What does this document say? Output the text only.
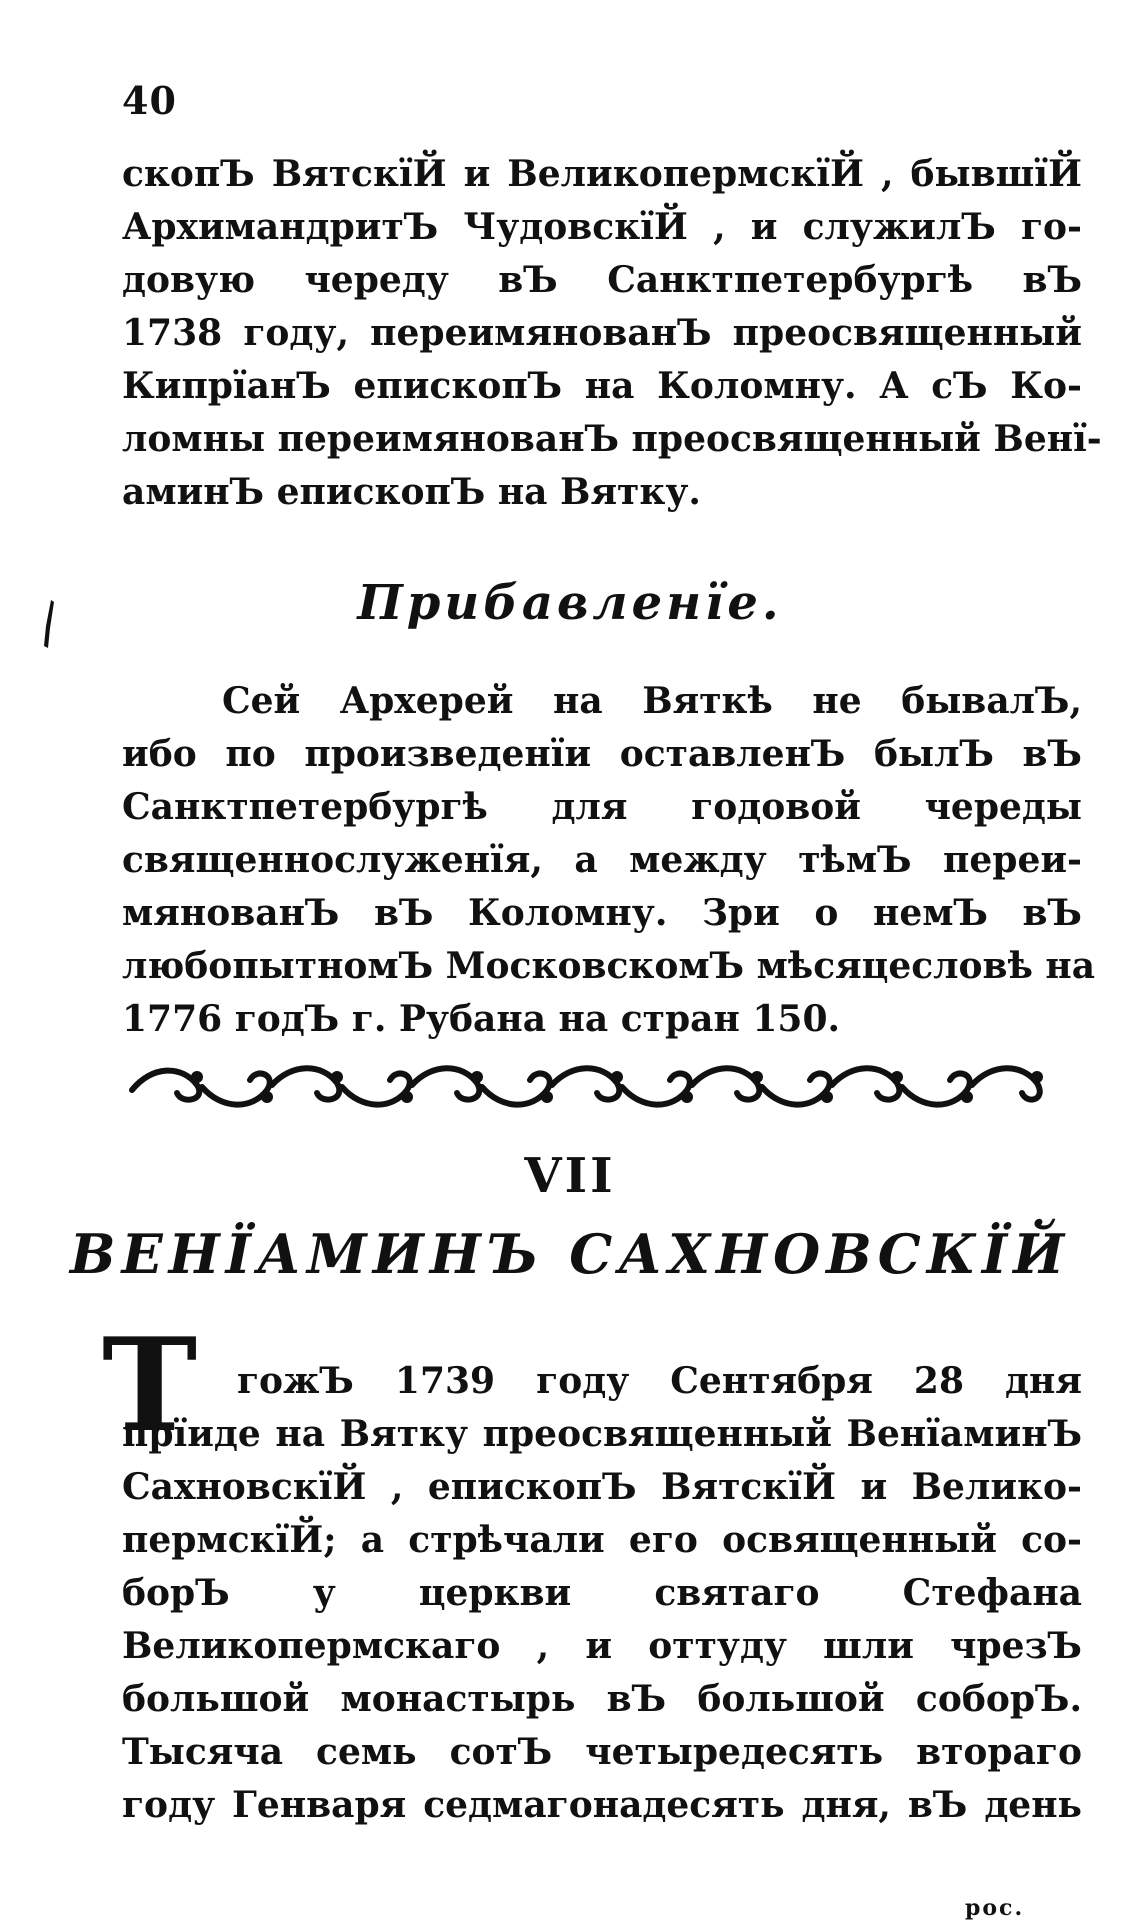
40
скопЪ ВятскїЙ и ВеликопермскїЙ , бывшїЙ
АрхимандритЪ ЧудовскїЙ , и служилЪ го-
довую череду вЪ Санктпетербургѣ вЪ
1738 году, переимянованЪ преосвященный
КипрїанЪ епископЪ на Коломну. А сЪ Ко-
ломны переимянованЪ преосвященный Венї-
аминЪ епископЪ на Вятку.
Прибавленїе.
Сей Архерей на Вяткѣ не бывалЪ,
ибо по произведенїи оставленЪ былЪ вЪ
Санктпетербургѣ для годовой череды
священнослуженїя, а между тѣмЪ переи-
мянованЪ вЪ Коломну. Зри о немЪ вЪ
любопытномЪ МосковскомЪ мѣсяцесловѣ на
1776 годЪ г. Рубана на стран 150.
VII
ВЕНЇАМИНЪ САХНОВСКЇЙ
Т	гожЪ 1739 году Сентября 28 дня
прїиде на Вятку преосвященный ВенїаминЪ
СахновскїЙ , епископЪ ВятскїЙ и Велико-
пермскїЙ; а стрѣчали его освященный со-
борЪ у церкви святаго Стефана
Великопермскаго , и оттуду шли чрезЪ
большой монастырь вЪ большой соборЪ.
Тысяча семь сотЪ четыредесять втораго
году Генваря седмагонадесять дня, вЪ день
рос.
